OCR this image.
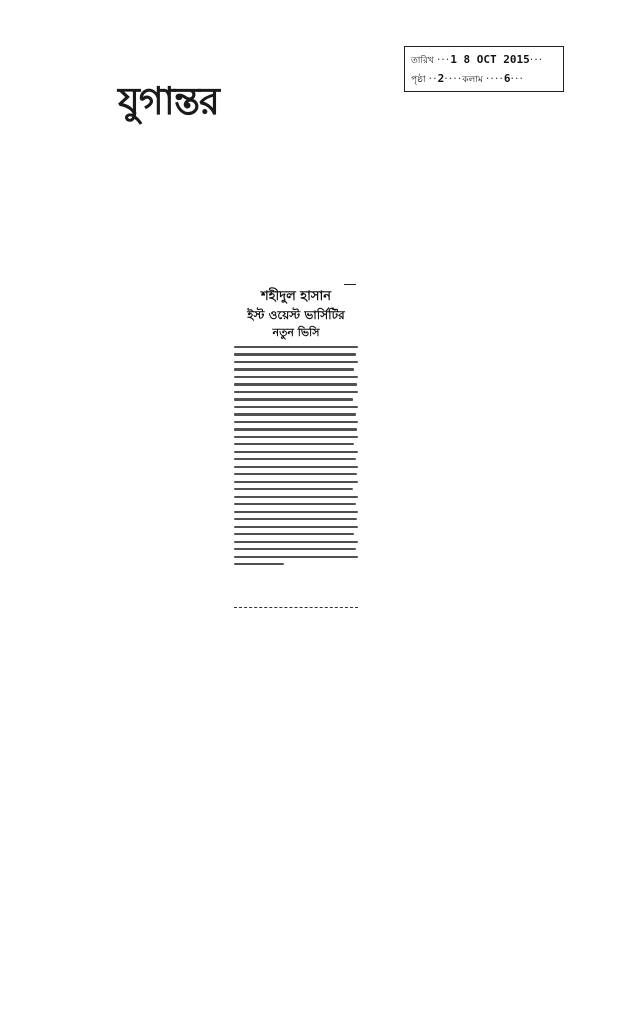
যুগান্তর
তারিখ ··· 1 8 OCT 2015 ···
পৃষ্ঠা ·· 2 ···· কলাম ···· 6 ···

শহীদুল হাসান

ইস্ট ওয়েস্ট ভার্সিটির

নতুন ভিসি
